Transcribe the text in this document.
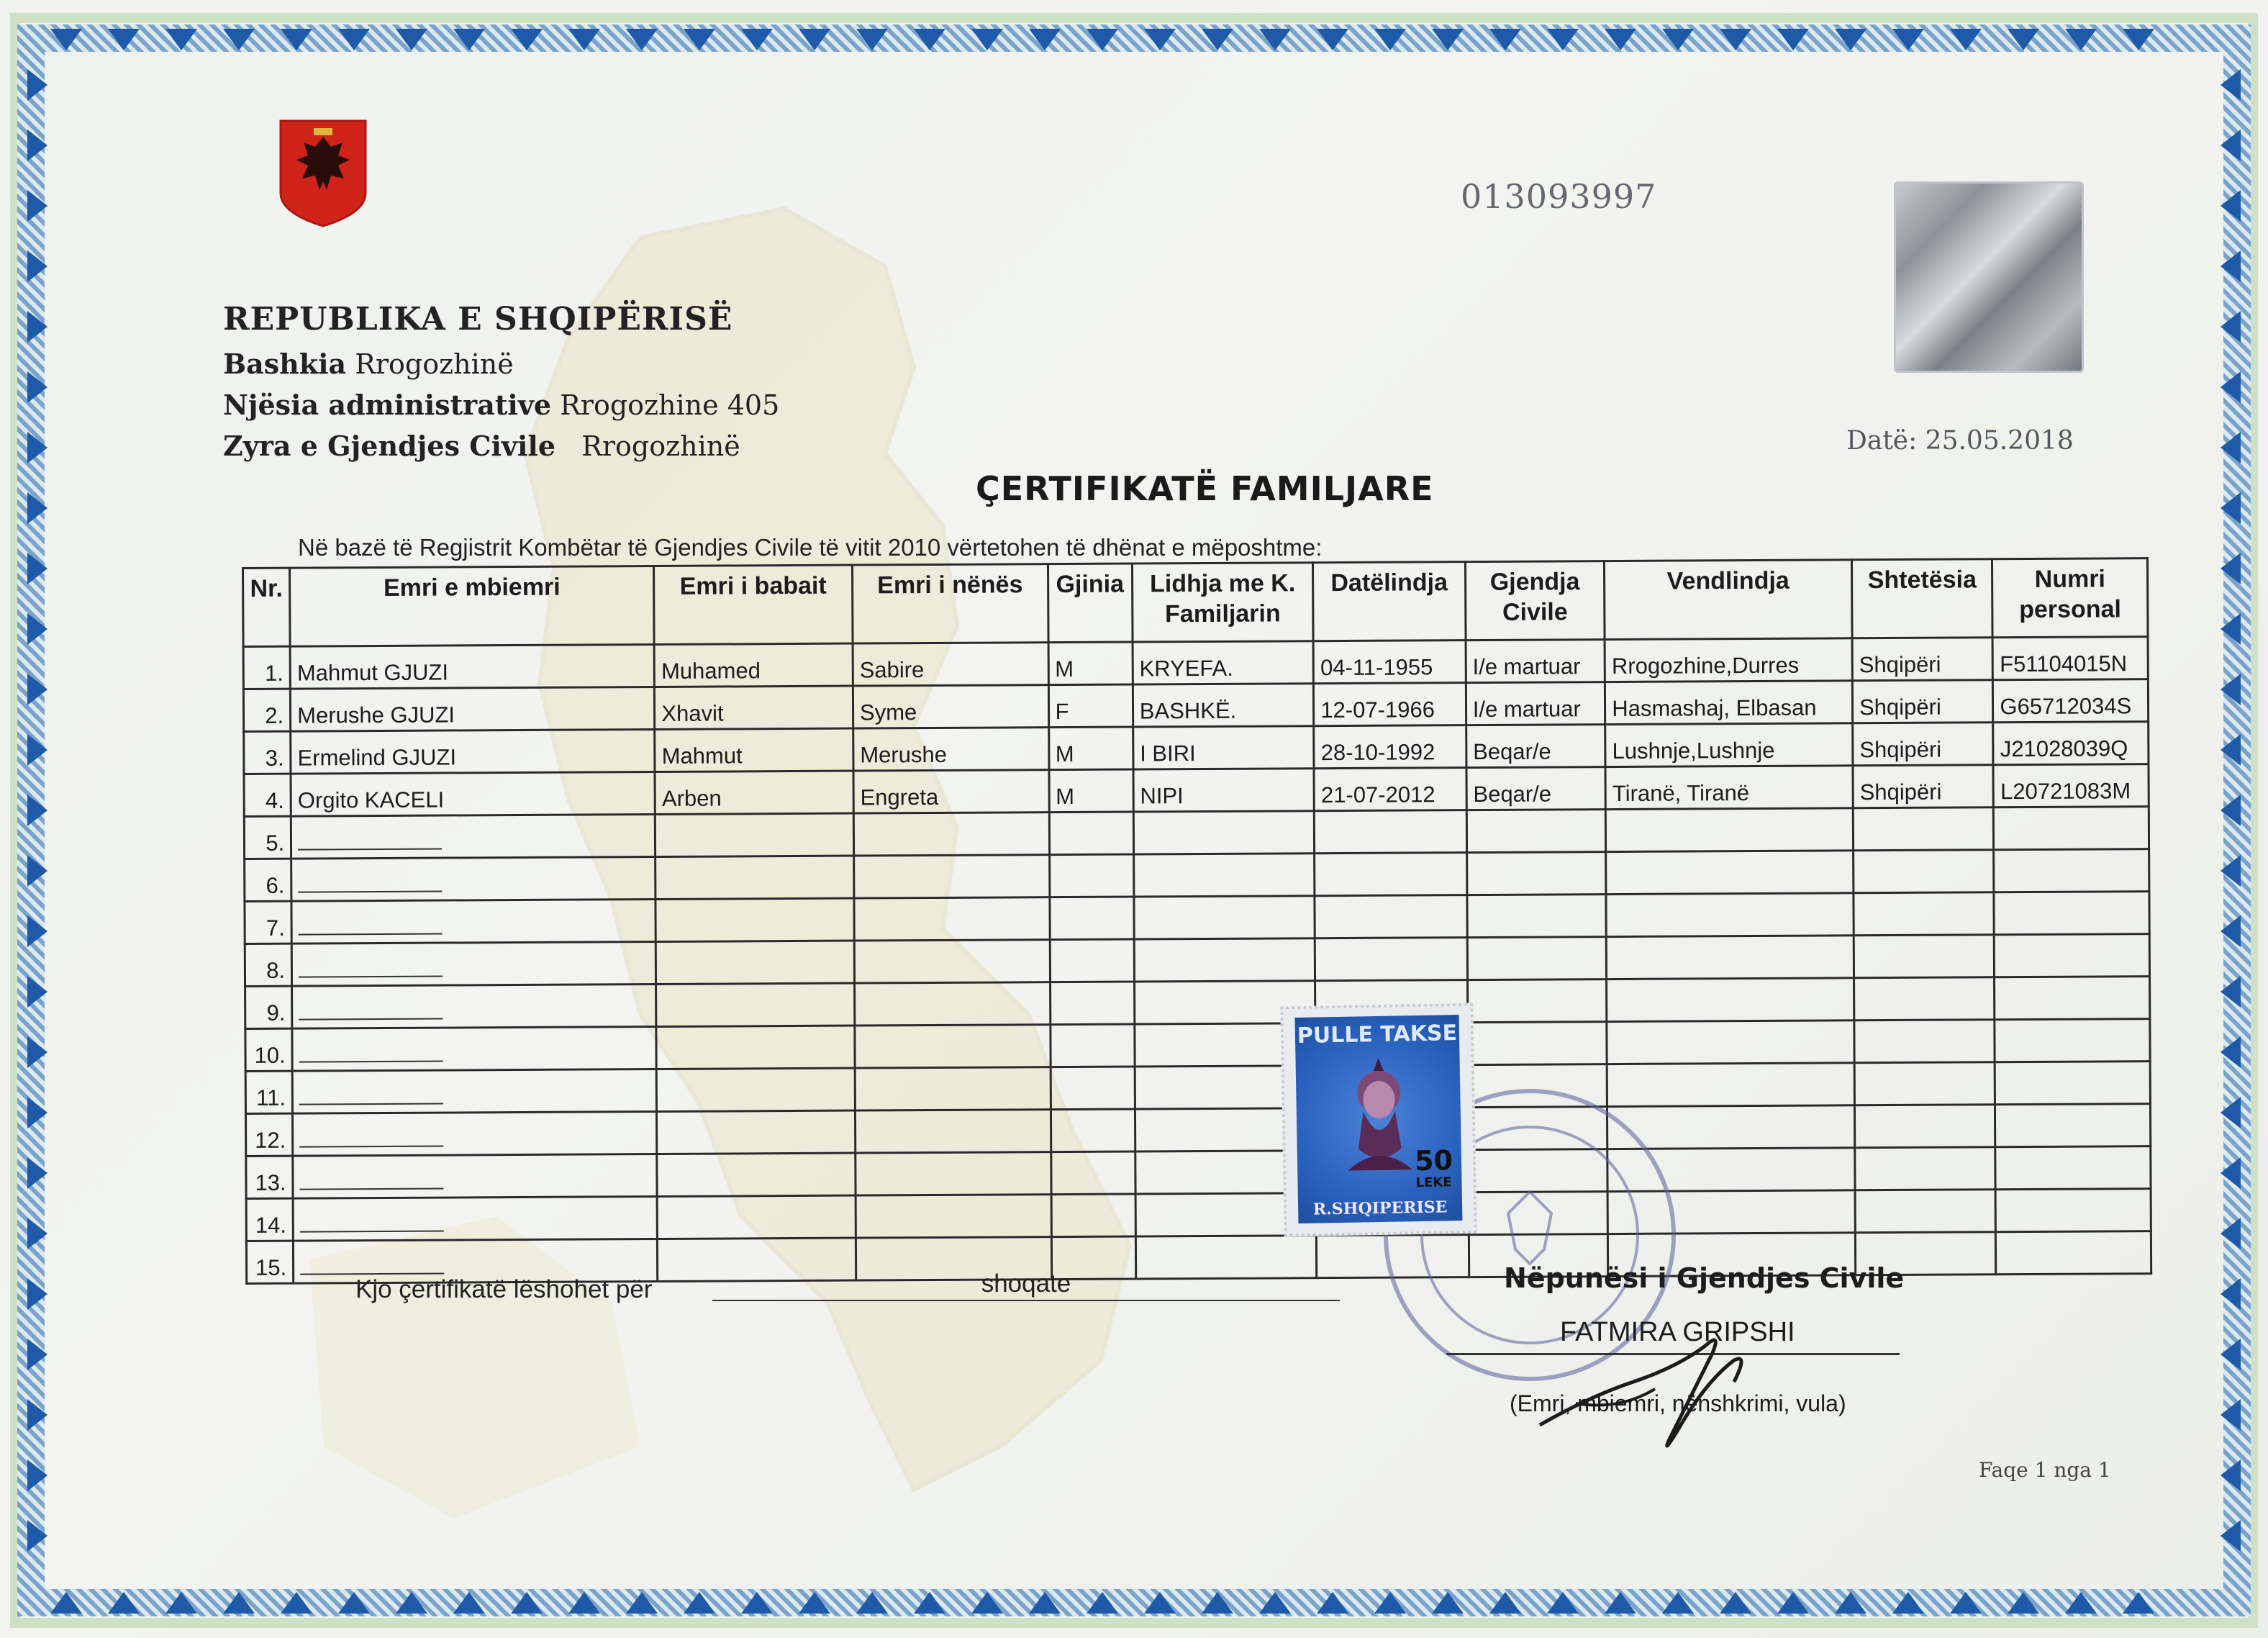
REPUBLIKA E SHQIPËRISË
Bashkia Rrogozhinë
Njësia administrative Rrogozhine 405
Zyra e Gjendjes Civile Rrogozhinë
013093997
Datë: 25.05.2018
ÇERTIFIKATË FAMILJARE
Në bazë të Regjistrit Kombëtar të Gjendjes Civile të vitit 2010 vërtetohen të dhënat e mëposhtme:
Nr.	Emri e mbiemri	Emri i babait	Emri i nënës	Gjinia	Lidhja me K. Familjarin	Datëlindja	Gjendja Civile	Vendlindja	Shtetësia	Numri personal
1.	Mahmut GJUZI	Muhamed	Sabire	M	KRYEFA.	04-11-1955	I/e martuar	Rrogozhine,Durres	Shqipëri	F51104015N
2.	Merushe GJUZI	Xhavit	Syme	F	BASHKË.	12-07-1966	I/e martuar	Hasmashaj, Elbasan	Shqipëri	G65712034S
3.	Ermelind GJUZI	Mahmut	Merushe	M	I BIRI	28-10-1992	Beqar/e	Lushnje,Lushnje	Shqipëri	J21028039Q
4.	Orgito KACELI	Arben	Engreta	M	NIPI	21-07-2012	Beqar/e	Tiranë, Tiranë	Shqipëri	L20721083M
5.										
6.										
7.										
8.										
9.										
10.										
11.										
12.										
13.										
14.										
15.										
PULLE TAKSE
50
LEKE
R.SHQIPERISE
Kjo çertifikatë lëshohet për	shoqate	Nëpunësi i Gjendjes Civile
FATMIRA GRIPSHI
(Emri, mbiemri, nënshkrimi, vula)
Faqe 1 nga 1
